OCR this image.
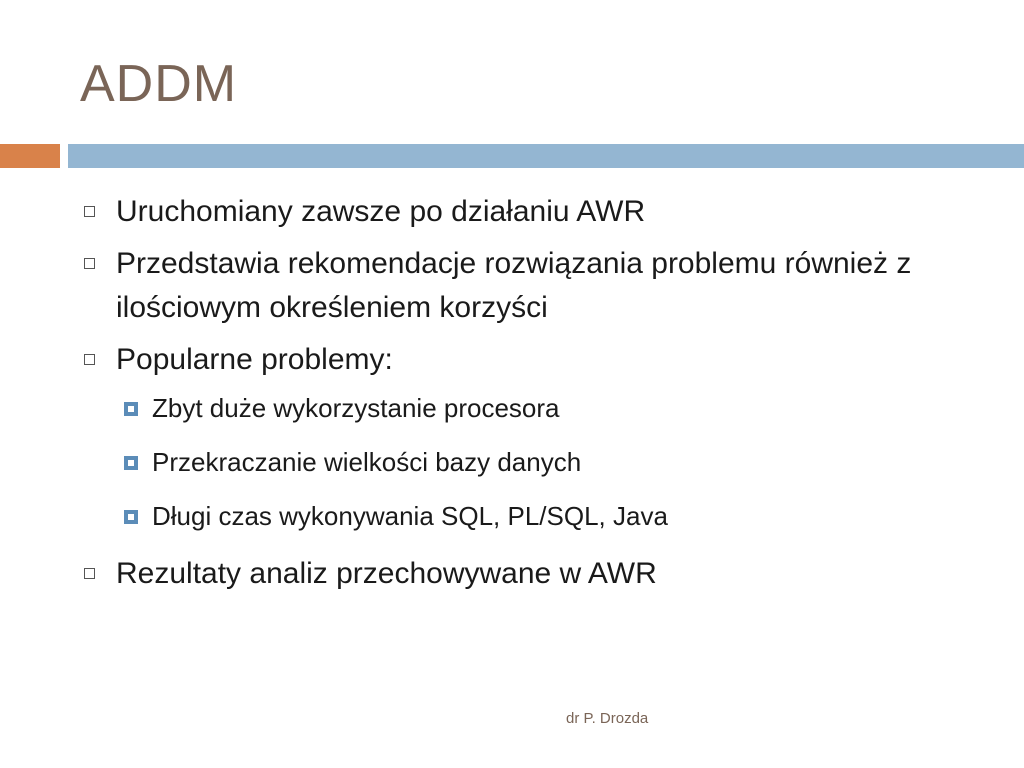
ADDM
Uruchomiany zawsze po działaniu AWR
Przedstawia rekomendacje rozwiązania problemu również z ilościowym określeniem korzyści
Popularne problemy:
Zbyt duże wykorzystanie procesora
Przekraczanie wielkości bazy danych
Długi czas wykonywania SQL, PL/SQL, Java
Rezultaty analiz przechowywane w AWR
dr P. Drozda
